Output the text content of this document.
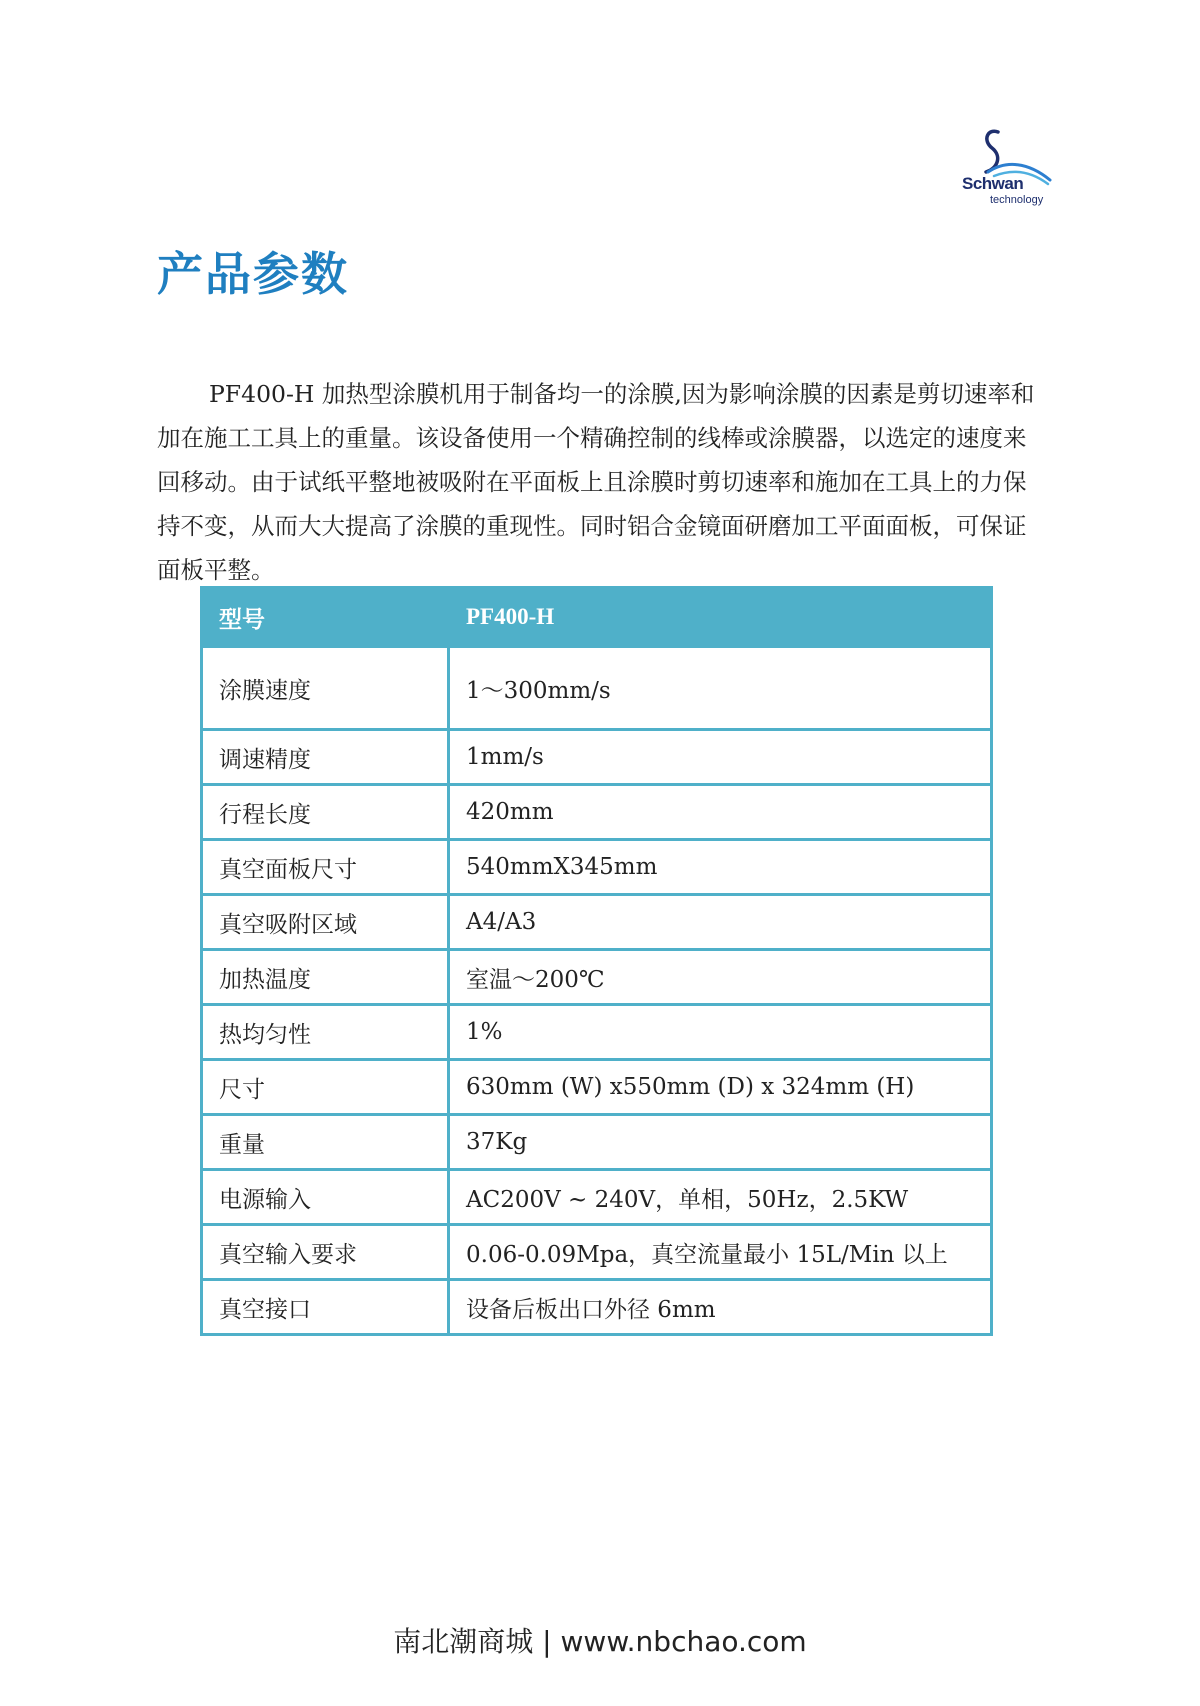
Schwan
technology
产品参数

PF400-H 加热型涂膜机用于制备均一的涂膜,因为影响涂膜的因素是剪切速率和加在施工工具上的重量。该设备使用一个精确控制的线棒或涂膜器，以选定的速度来回移动。由于试纸平整地被吸附在平面板上且涂膜时剪切速率和施加在工具上的力保持不变，从而大大提高了涂膜的重现性。同时铝合金镜面研磨加工平面面板，可保证面板平整。

型号	PF400-H
涂膜速度	1～300mm/s
调速精度	1mm/s
行程长度	420mm
真空面板尺寸	540mmX345mm
真空吸附区域	A4/A3
加热温度	室温～200℃
热均匀性	1%
尺寸	630mm (W) x550mm (D) x 324mm (H)
重量	37Kg
电源输入	AC200V ~ 240V，单相，50Hz，2.5KW
真空输入要求	0.06-0.09Mpa，真空流量最小 15L/Min 以上
真空接口	设备后板出口外径 6mm
南北潮商城 | www.nbchao.com
